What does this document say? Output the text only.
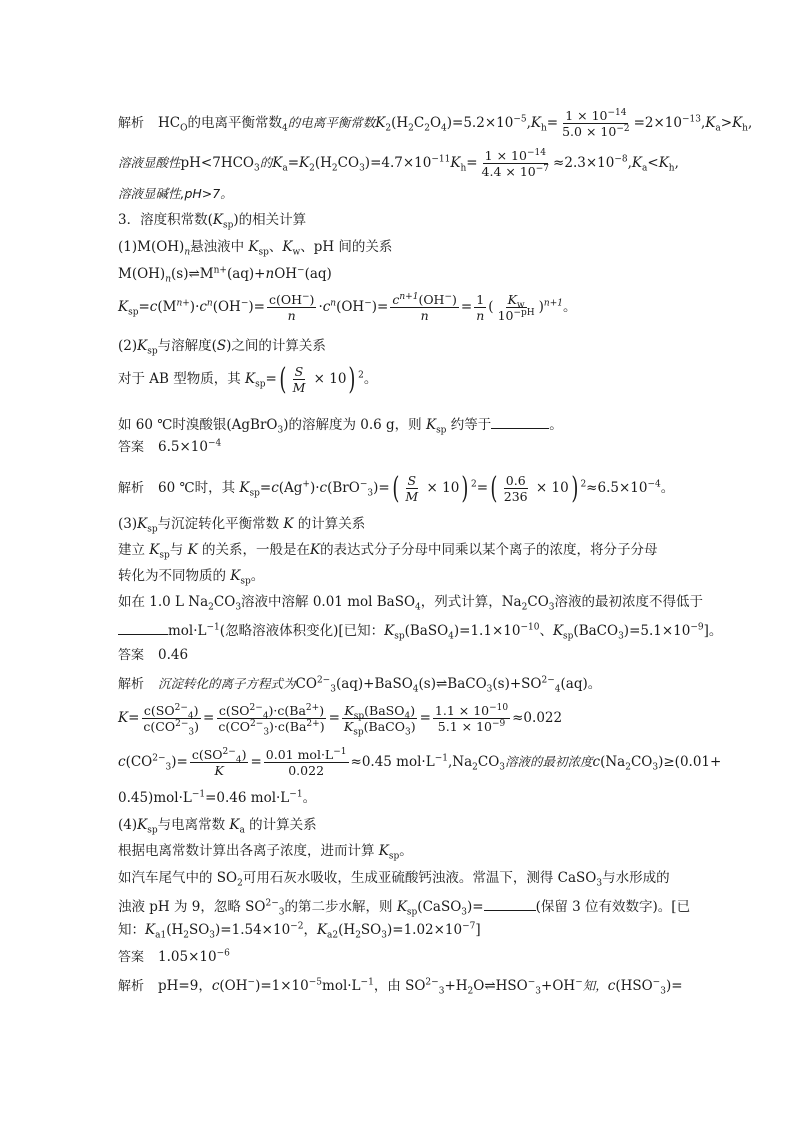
解析 $HC_O$的电离平衡常数$_4$的电离平衡常数$K_2(H_2C_2O_4)=5.2\times 10^{-5},K_h= \frac{1 \times 10^{-14}}{5.0 \times 10^{-2}} =2\times 10^{-13},K_a>K_h$,
溶液显酸性$pH<7HCO_3$的$K_a=K_2(H_2CO_3)=4.7\times 10^{-11}K_h= \frac{1 \times 10^{-14}}{4.4 \times 10^{-7}} \approx 2.3\times 10^{-8},K_a<K_h$,
溶液显碱性,pH>7。
3．溶度积常数$(K_{sp})$的相关计算
$(1)M(OH)_n$悬浊液中 $K_{sp}$、$K_w$、pH 间的关系
$M(OH)_n(s)\rightleftharpoons M^{n+}(aq)+nOH^-(aq)$
$K_{sp}=c(M^{n+})\cdot c^n(OH^-)= \frac{c(OH^-)}{n} \cdot c^n(OH^-)= \frac{c^{n+1}(OH^-)}{n} = \frac{1}{n}$ ( $\frac{K_w}{10^{-pH}} )^{n+1}$。
$(2)K_{sp}$与溶解度(S)之间的计算关系
对于 AB 型物质，其 $K_{sp}=( \frac{S}{M} \times 10)$ $^2$。
如 60 ℃时溴酸银(AgBrO$_3$)的溶解度为 0.6 g，则 $K_{sp}$ 约等于	。
答案 $6.5\times 10^{-4}$
解析 60 ℃时，其 $K_{sp}=c(Ag^+)\cdot c(BrO^-_3)=( \frac{S}{M} \times 10)$ $^2=( \frac{0.6}{236} \times 10)$ $^2\approx 6.5\times 10^{-4}$。
$(3)K_{sp}$与沉淀转化平衡常数 K 的计算关系
建立 $K_{sp}$与 K 的关系，一般是在K的表达式分子分母中同乘以某个离子的浓度，将分子分母
转化为不同物质的 $K_{sp}$。
如在 1.0 L $Na_2CO_3$溶液中溶解 0.01 mol BaSO$_4$，列式计算，$Na_2CO_3$溶液的最初浓度不得低于
$mol\cdot L^{-1}$(忽略溶液体积变化)[已知：$K_{sp}(BaSO_4)=1.1\times 10^{-10}$、$K_{sp}(BaCO_3)=5.1\times 10^{-9}$]。
答案 0.46
解析 沉淀转化的离子方程式为$CO^{2-}_3(aq)+BaSO_4(s)\rightleftharpoons BaCO_3(s)+SO^{2-}_4(aq)$。
$K= \frac{c(SO^{2-}_4)}{c(CO^{2-}_3)} = \frac{c(SO^{2-}_4)\cdot c(Ba^{2+})}{c(CO^{2-}_3)\cdot c(Ba^{2+})} = \frac{K_{sp}(BaSO_4)}{K_{sp}(BaCO_3)} = \frac{1.1 \times 10^{-10}}{5.1 \times 10^{-9}} \approx 0.022$
$c(CO^{2-}_3)= \frac{c(SO^{2-}_4)}{K} = \frac{0.01 mol\cdot L^{-1}}{0.022} \approx 0.45$ $mol\cdot L^{-1},Na_2CO_3$溶液的最初浓度$c(Na_2CO_3)\ge(0.01+$
$0.45)mol\cdot L^{-1}=0.46$ $mol\cdot L^{-1}$。
$(4)K_{sp}$与电离常数 $K_a$ 的计算关系
根据电离常数计算出各离子浓度，进而计算 $K_{sp}$。
如汽车尾气中的 $SO_2$可用石灰水吸收，生成亚硫酸钙浊液。常温下，测得 CaSO$_3$与水形成的
浊液 pH 为 9，忽略 $SO^{2-}_3$的第二步水解，则 $K_{sp}(CaSO_3)=$	(保留 3 位有效数字)。[已
知：$K_{a1}(H_2SO_3)=1.54\times 10^{-2}$，$K_{a2}(H_2SO_3)=1.02\times 10^{-7}$]
答案 $1.05\times 10^{-6}$
解析 pH=9，$c(OH^-)=1\times 10^{-5}mol\cdot L^{-1}$，由 $SO^{2-}_3+H_2O\rightleftharpoons HSO^-_3+OH^-$知，$c(HSO^-_3)=$
